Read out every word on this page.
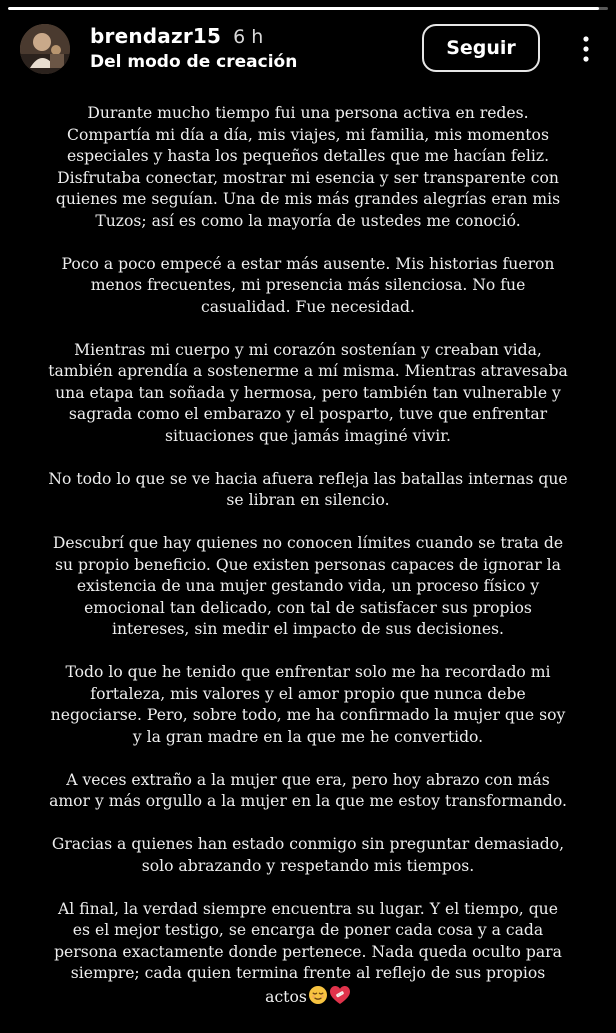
brendazr15 6 h
Del modo de creación
Seguir

Durante mucho tiempo fui una persona activa en redes. Compartía mi día a día, mis viajes, mi familia, mis momentos especiales y hasta los pequeños detalles que me hacían feliz. Disfrutaba conectar, mostrar mi esencia y ser transparente con quienes me seguían. Una de mis más grandes alegrías eran mis Tuzos; así es como la mayoría de ustedes me conoció.

Poco a poco empecé a estar más ausente. Mis historias fueron menos frecuentes, mi presencia más silenciosa. No fue casualidad. Fue necesidad.

Mientras mi cuerpo y mi corazón sostenían y creaban vida, también aprendía a sostenerme a mí misma. Mientras atravesaba una etapa tan soñada y hermosa, pero también tan vulnerable y sagrada como el embarazo y el posparto, tuve que enfrentar situaciones que jamás imaginé vivir.

No todo lo que se ve hacia afuera refleja las batallas internas que se libran en silencio.

Descubrí que hay quienes no conocen límites cuando se trata de su propio beneficio. Que existen personas capaces de ignorar la existencia de una mujer gestando vida, un proceso físico y emocional tan delicado, con tal de satisfacer sus propios intereses, sin medir el impacto de sus decisiones.

Todo lo que he tenido que enfrentar solo me ha recordado mi fortaleza, mis valores y el amor propio que nunca debe negociarse. Pero, sobre todo, me ha confirmado la mujer que soy y la gran madre en la que me he convertido.

A veces extraño a la mujer que era, pero hoy abrazo con más amor y más orgullo a la mujer en la que me estoy transformando.

Gracias a quienes han estado conmigo sin preguntar demasiado, solo abrazando y respetando mis tiempos.

Al final, la verdad siempre encuentra su lugar. Y el tiempo, que es el mejor testigo, se encarga de poner cada cosa y a cada persona exactamente donde pertenece. Nada queda oculto para siempre; cada quien termina frente al reflejo de sus propios actos
